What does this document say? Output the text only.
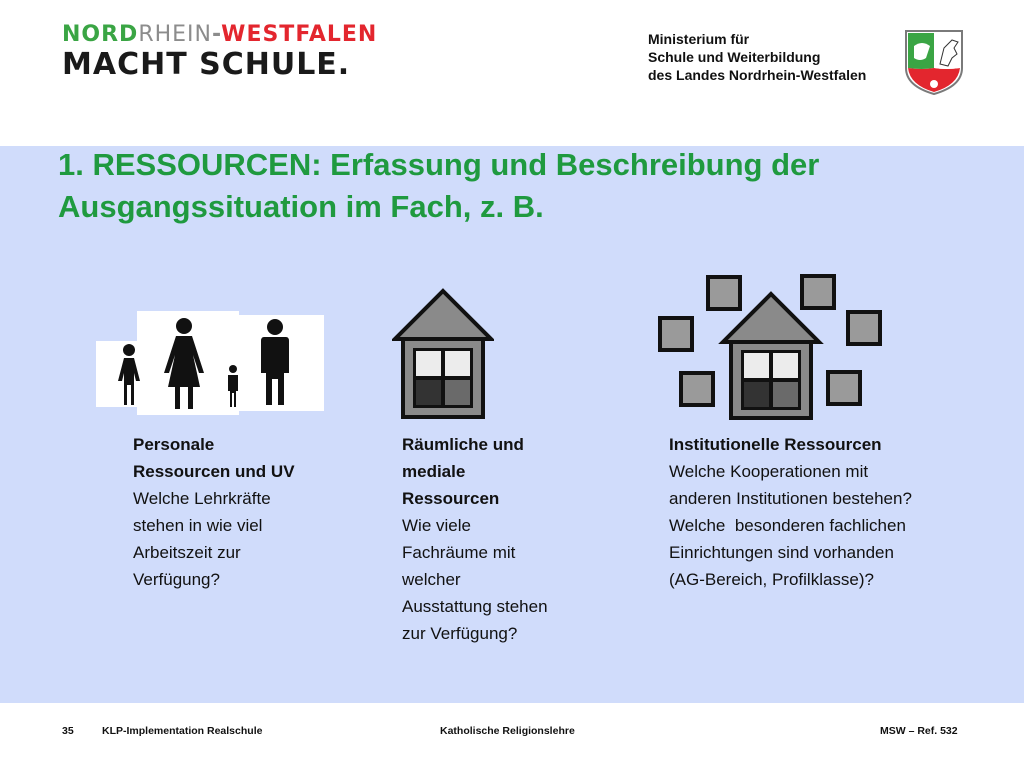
NORDRHEIN-WESTFALEN
MACHT SCHULE.
Ministerium für
Schule und Weiterbildung
des Landes Nordrhein-Westfalen
1. RESSOURCEN: Erfassung und Beschreibung der
Ausgangssituation im Fach, z. B.
Personale
Ressourcen und UV
Welche Lehrkräfte
stehen in wie viel
Arbeitszeit zur
Verfügung?
Räumliche und
mediale
Ressourcen
Wie viele
Fachräume mit
welcher
Ausstattung stehen
zur Verfügung?
Institutionelle Ressourcen
Welche Kooperationen mit
anderen Institutionen bestehen?
Welche  besonderen fachlichen
Einrichtungen sind vorhanden
(AG-Bereich, Profilklasse)?
35	KLP-Implementation Realschule	Katholische Religionslehre	MSW – Ref. 532
